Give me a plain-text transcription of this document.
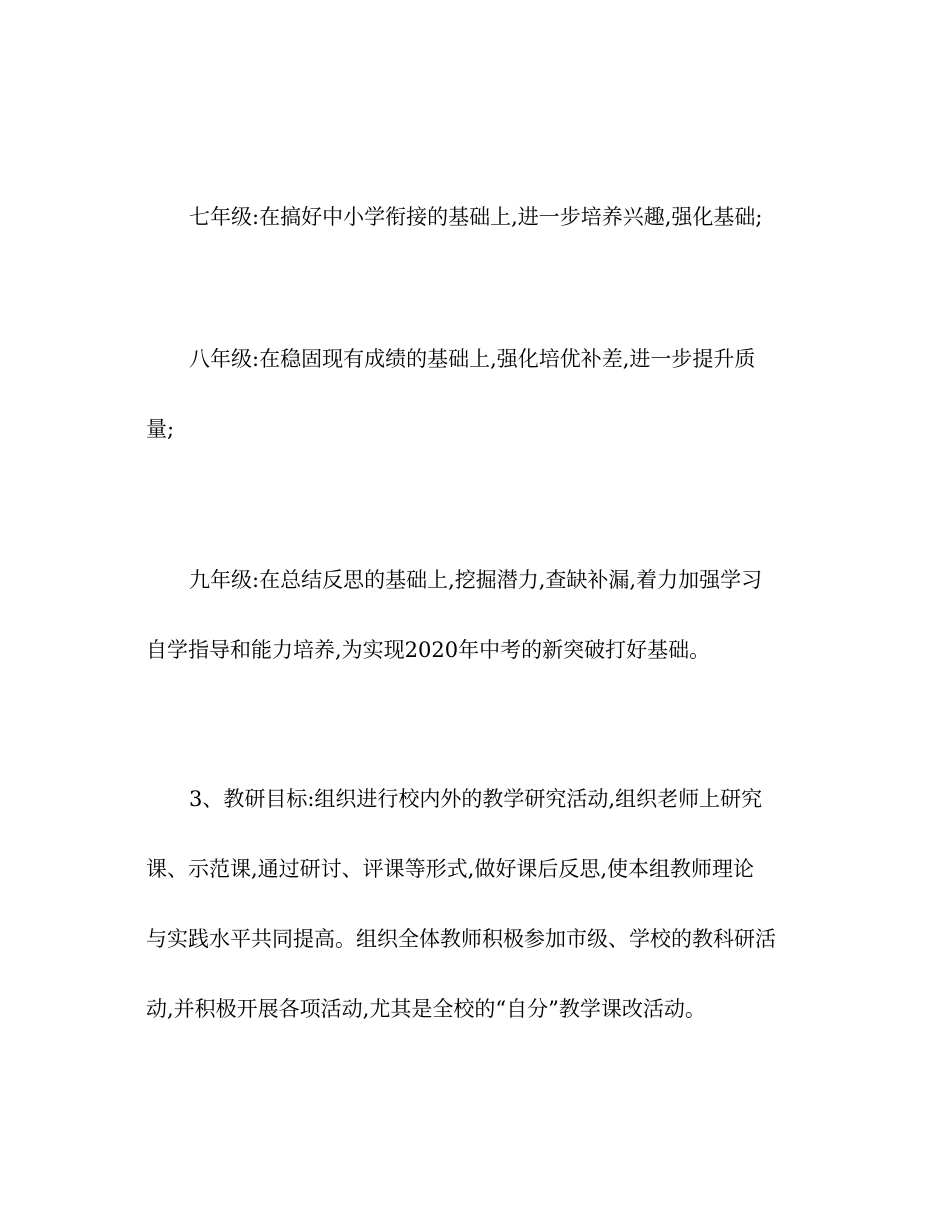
七年级:在搞好中小学衔接的基础上,进一步培养兴趣,强化基础;
八年级:在稳固现有成绩的基础上,强化培优补差,进一步提升质
量;
九年级:在总结反思的基础上,挖掘潜力,查缺补漏,着力加强学习
自学指导和能力培养,为实现2020年中考的新突破打好基础。
3、教研目标:组织进行校内外的教学研究活动,组织老师上研究
课、示范课,通过研讨、评课等形式,做好课后反思,使本组教师理论
与实践水平共同提高。组织全体教师积极参加市级、学校的教科研活
动,并积极开展各项活动,尤其是全校的“自分”教学课改活动。
